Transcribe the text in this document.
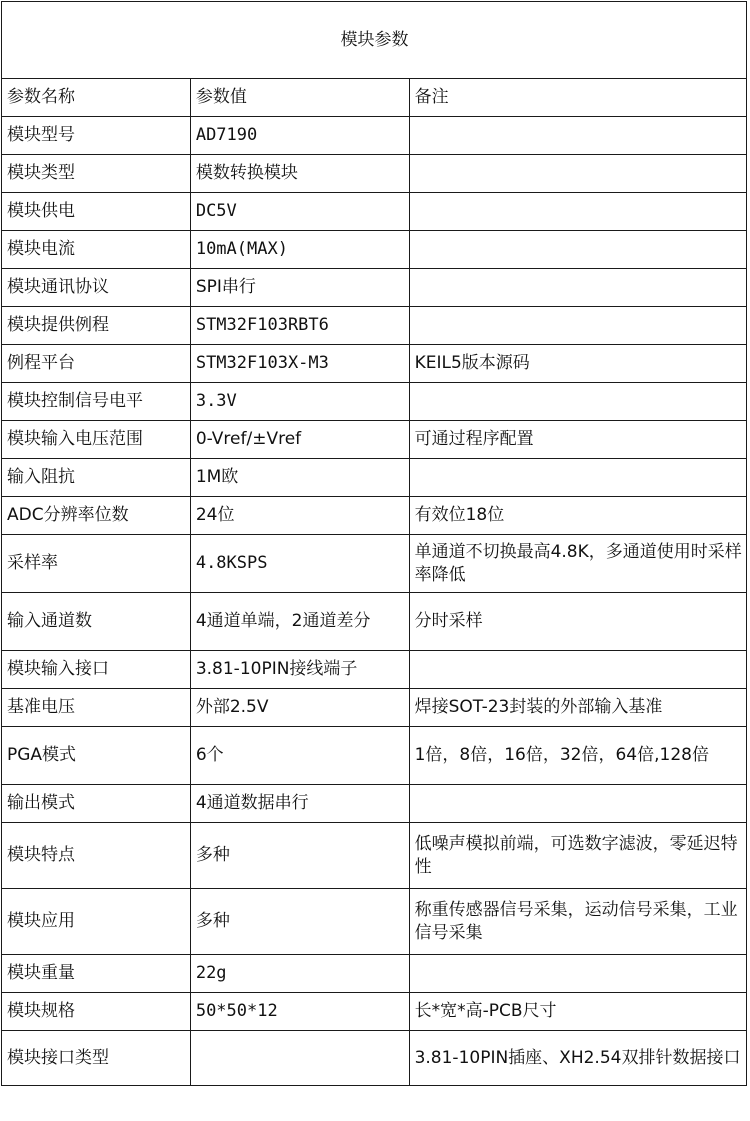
模块参数		
参数名称	参数值	备注
模块型号	AD7190	
模块类型	模数转换模块	
模块供电	DC5V	
模块电流	10mA(MAX)	
模块通讯协议	SPI串行	
模块提供例程	STM32F103RBT6	
例程平台	STM32F103X-M3	KEIL5版本源码
模块控制信号电平	3.3V	
模块输入电压范围	0-Vref/±Vref	可通过程序配置
输入阻抗	1M欧	
ADC分辨率位数	24位	有效位18位
采样率	4.8KSPS	单通道不切换最高4.8K，多通道使用时采样率降低
输入通道数	4通道单端，2通道差分	分时采样
模块输入接口	3.81-10PIN接线端子	
基准电压	外部2.5V	焊接SOT-23封装的外部输入基准
PGA模式	6个	1倍，8倍，16倍，32倍，64倍,128倍
输出模式	4通道数据串行	
模块特点	多种	低噪声模拟前端，可选数字滤波，零延迟特性
模块应用	多种	称重传感器信号采集，运动信号采集，工业信号采集
模块重量	22g	
模块规格	50*50*12	长*宽*高-PCB尺寸
模块接口类型		3.81-10PIN插座、XH2.54双排针数据接口
